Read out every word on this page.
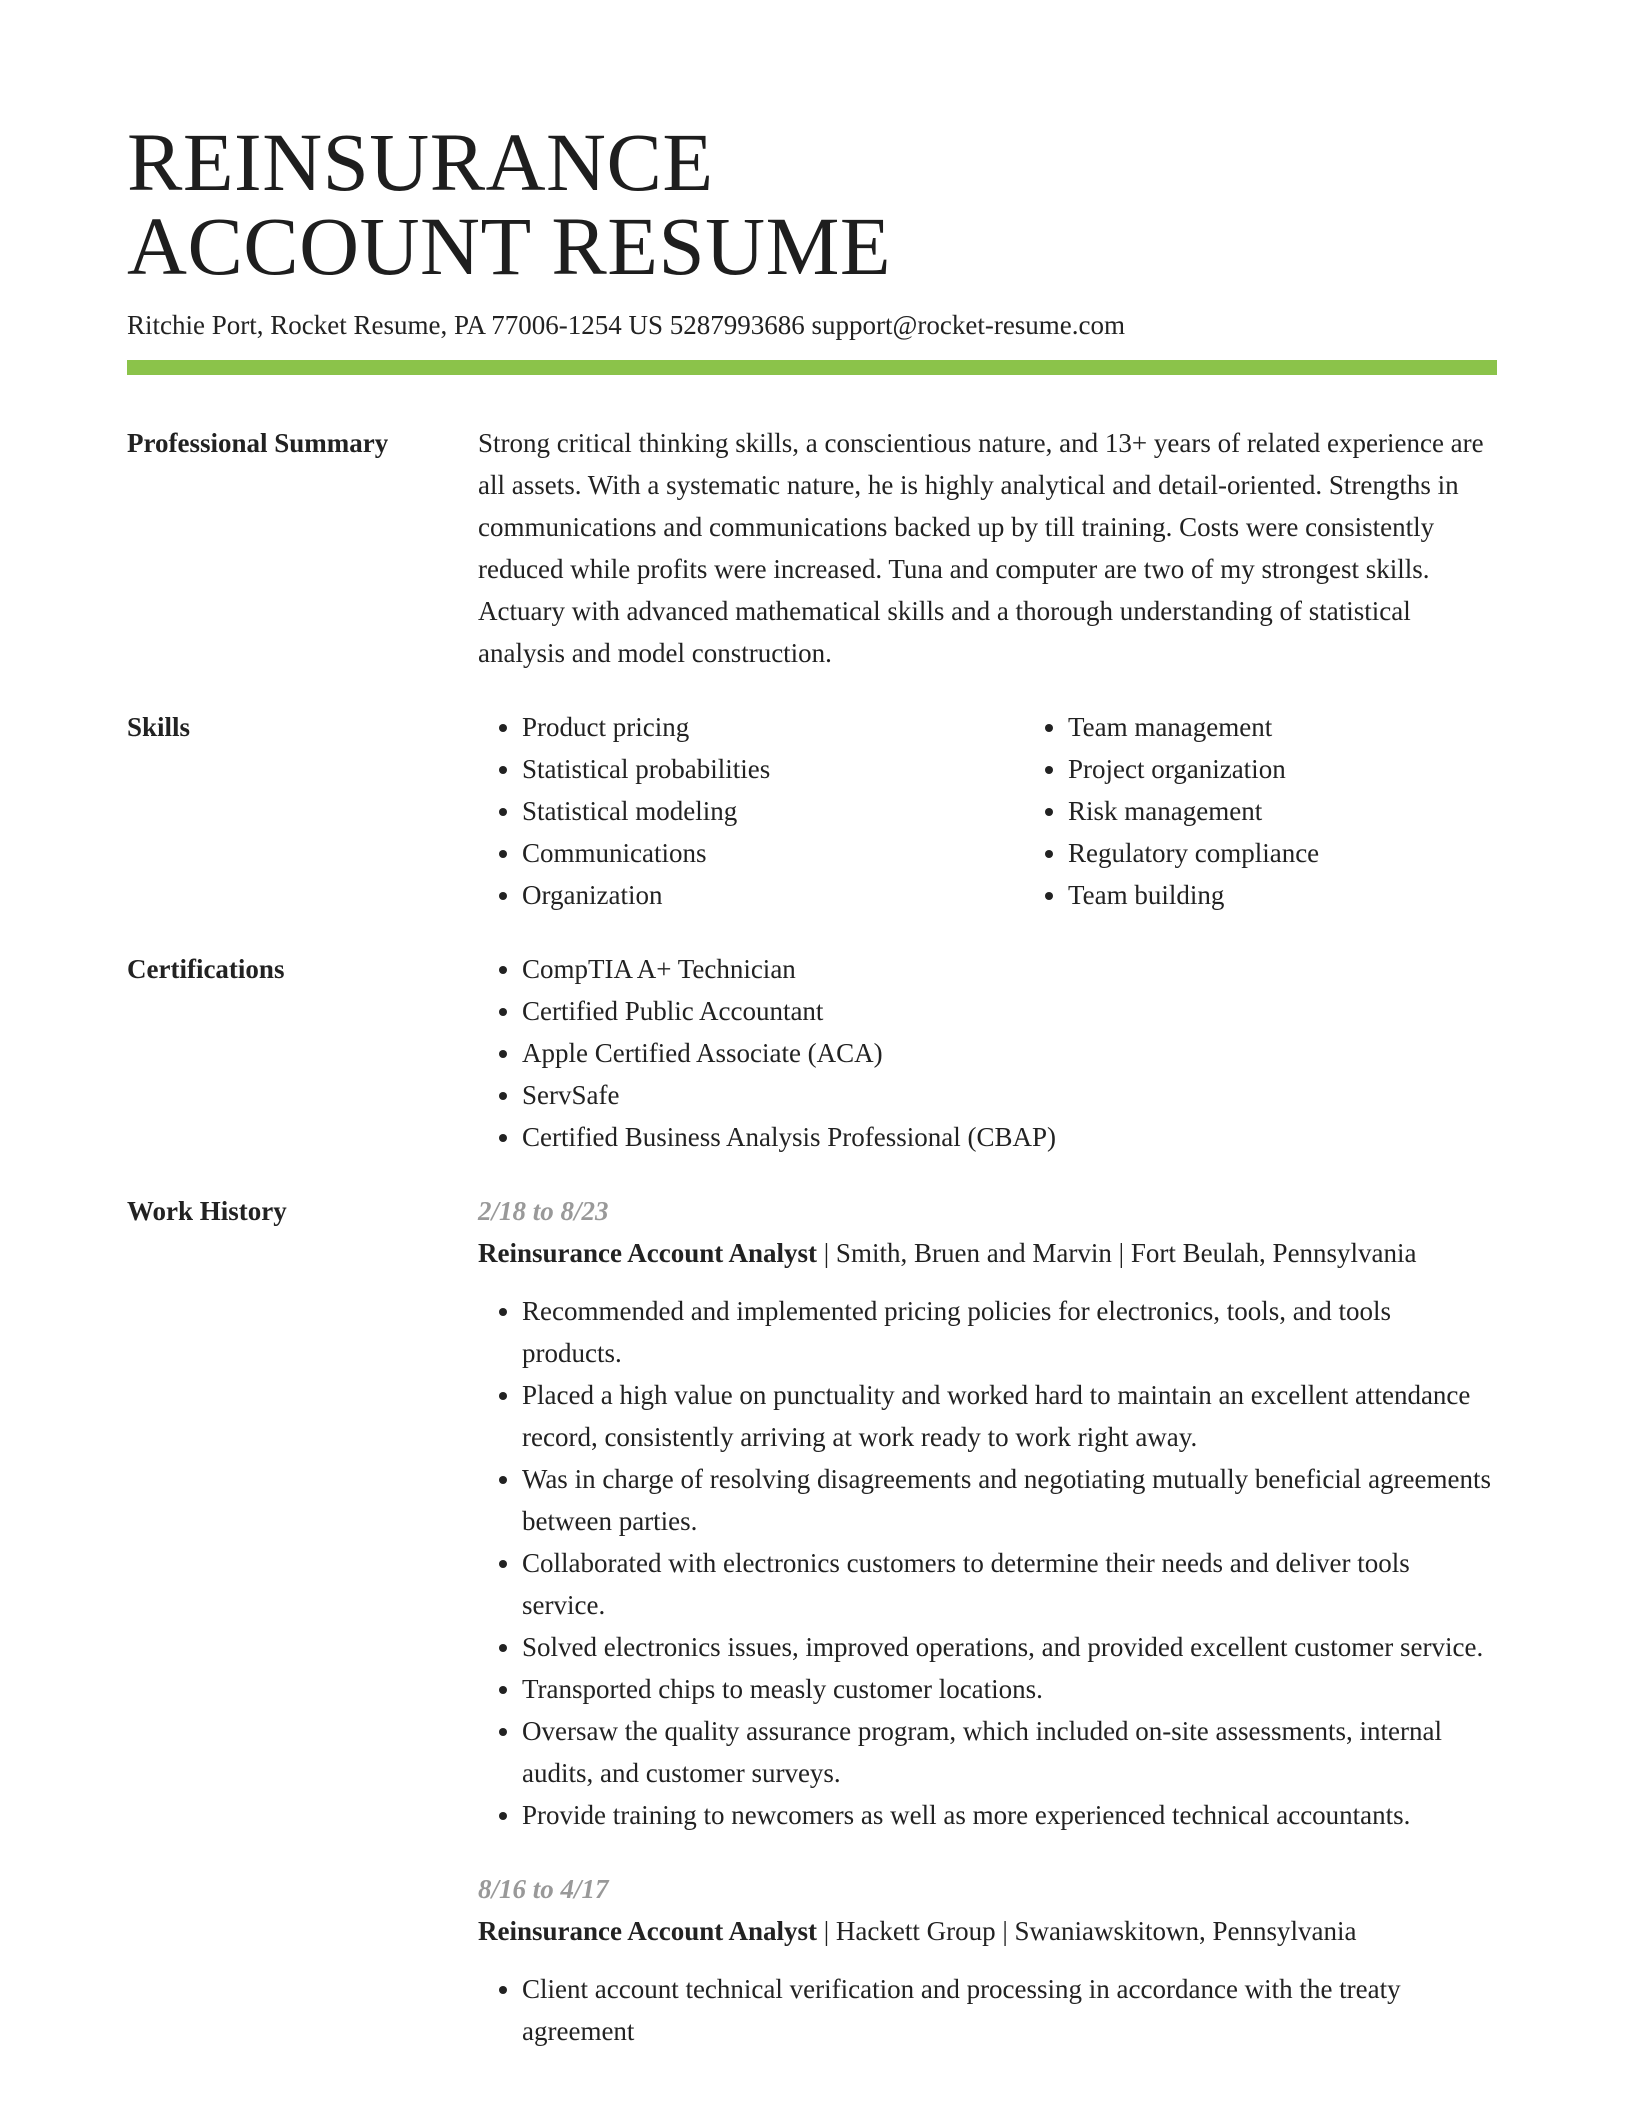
REINSURANCE
ACCOUNT RESUME
Ritchie Port, Rocket Resume, PA 77006-1254 US 5287993686 support@rocket-resume.com
Professional Summary	Strong critical thinking skills, a conscientious nature, and 13+ years of related experience are all assets. With a systematic nature, he is highly analytical and detail-oriented. Strengths in communications and communications backed up by till training. Costs were consistently reduced while profits were increased. Tuna and computer are two of my strongest skills. Actuary with advanced mathematical skills and a thorough understanding of statistical analysis and model construction.

Skills	• Product pricing
• Statistical probabilities
• Statistical modeling
• Communications
• Organization
• Team management
• Project organization
• Risk management
• Regulatory compliance
• Team building
Certifications	• CompTIA A+ Technician
• Certified Public Accountant
• Apple Certified Associate (ACA)
• ServSafe
• Certified Business Analysis Professional (CBAP)
Work History	2/18 to 8/23
Reinsurance Account Analyst | Smith, Bruen and Marvin | Fort Beulah, Pennsylvania
• Recommended and implemented pricing policies for electronics, tools, and tools products.
• Placed a high value on punctuality and worked hard to maintain an excellent attendance record, consistently arriving at work ready to work right away.
• Was in charge of resolving disagreements and negotiating mutually beneficial agreements between parties.
• Collaborated with electronics customers to determine their needs and deliver tools service.
• Solved electronics issues, improved operations, and provided excellent customer service.
• Transported chips to measly customer locations.
• Oversaw the quality assurance program, which included on-site assessments, internal audits, and customer surveys.
• Provide training to newcomers as well as more experienced technical accountants.
8/16 to 4/17
Reinsurance Account Analyst | Hackett Group | Swaniawskitown, Pennsylvania
• Client account technical verification and processing in accordance with the treaty agreement
